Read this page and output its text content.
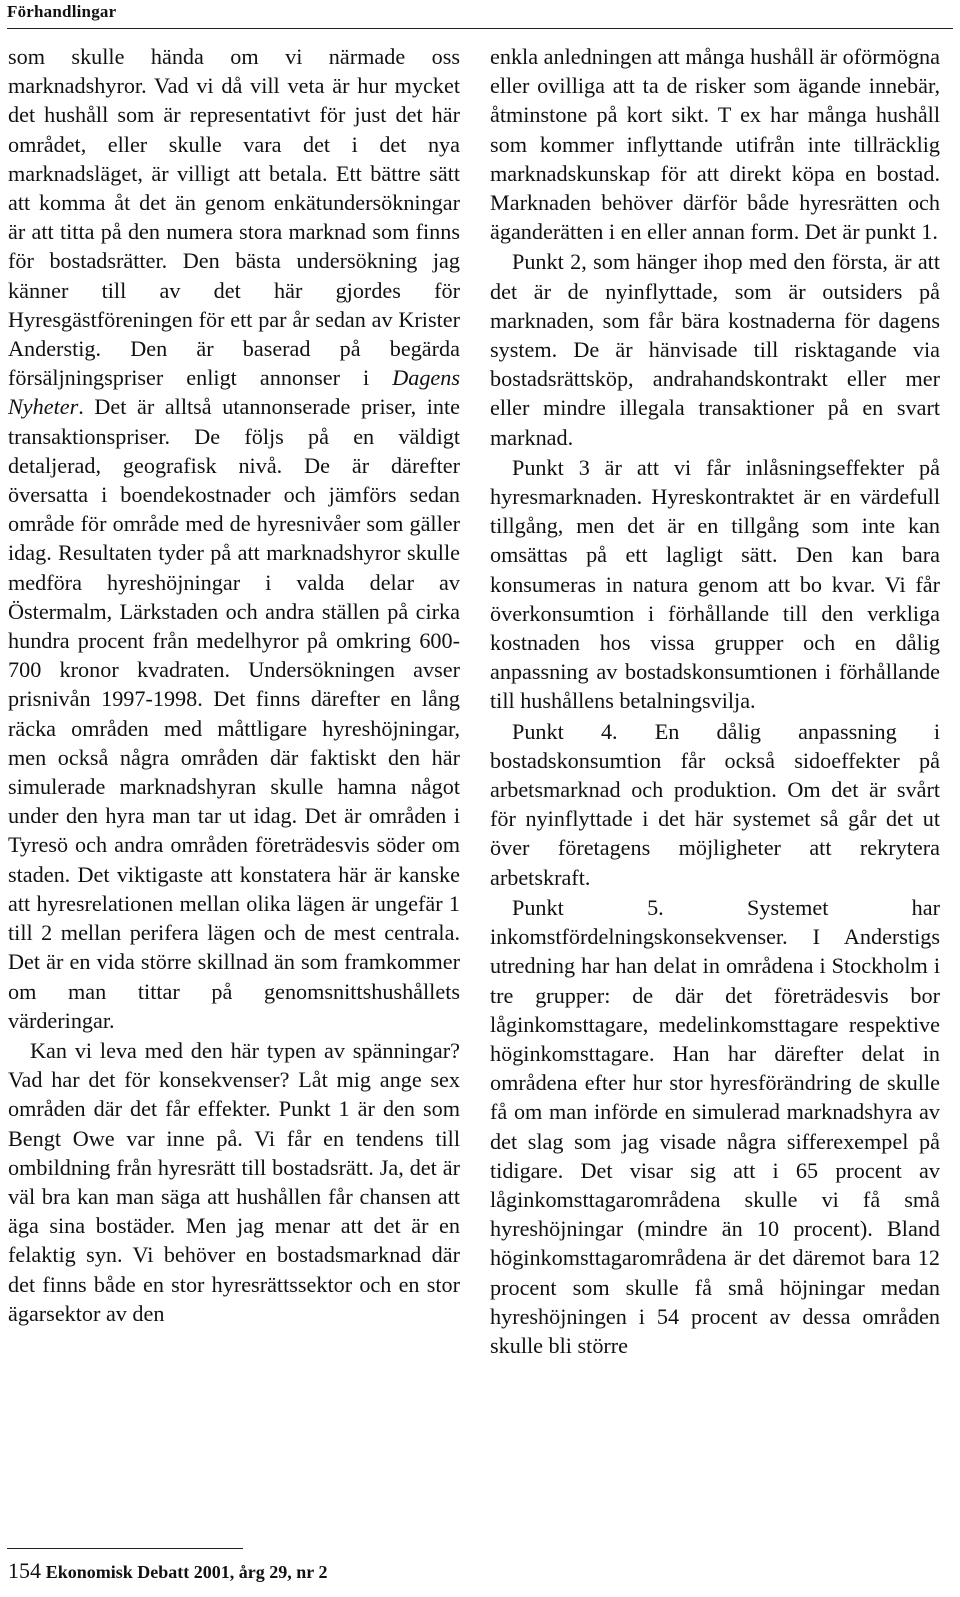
Förhandlingar

som skulle hända om vi närmade oss marknadshyror. Vad vi då vill veta är hur mycket det hushåll som är representativt för just det här området, eller skulle vara det i det nya marknadsläget, är villigt att betala. Ett bättre sätt att komma åt det än genom enkätundersökningar är att titta på den numera stora marknad som finns för bostadsrätter. Den bästa undersökning jag känner till av det här gjordes för Hyresgästföreningen för ett par år sedan av Krister Anderstig. Den är baserad på begärda försäljningspriser enligt annonser i Dagens Nyheter. Det är alltså utannonserade priser, inte transaktionspriser. De följs på en väldigt detaljerad, geografisk nivå. De är därefter översatta i boendekostnader och jämförs sedan område för område med de hyresnivåer som gäller idag. Resultaten tyder på att marknadshyror skulle medföra hyreshöjningar i valda delar av Östermalm, Lärkstaden och andra ställen på cirka hundra procent från medelhyror på omkring 600-700 kronor kvadraten. Undersökningen avser prisnivån 1997-1998. Det finns därefter en lång räcka områden med måttligare hyreshöjningar, men också några områden där faktiskt den här simulerade marknadshyran skulle hamna något under den hyra man tar ut idag. Det är områden i Tyresö och andra områden företrädesvis söder om staden. Det viktigaste att konstatera här är kanske att hyresrelationen mellan olika lägen är ungefär 1 till 2 mellan perifera lägen och de mest centrala. Det är en vida större skillnad än som framkommer om man tittar på genomsnittshushållets värderingar.

Kan vi leva med den här typen av spänningar? Vad har det för konsekvenser? Låt mig ange sex områden där det får effekter. Punkt 1 är den som Bengt Owe var inne på. Vi får en tendens till ombildning från hyresrätt till bostadsrätt. Ja, det är väl bra kan man säga att hushållen får chansen att äga sina bostäder. Men jag menar att det är en felaktig syn. Vi behöver en bostadsmarknad där det finns både en stor hyresrättssektor och en stor ägarsektor av den

enkla anledningen att många hushåll är oförmögna eller ovilliga att ta de risker som ägande innebär, åtminstone på kort sikt. T ex har många hushåll som kommer inflyttande utifrån inte tillräcklig marknadskunskap för att direkt köpa en bostad. Marknaden behöver därför både hyresrätten och äganderätten i en eller annan form. Det är punkt 1.

Punkt 2, som hänger ihop med den första, är att det är de nyinflyttade, som är outsiders på marknaden, som får bära kostnaderna för dagens system. De är hänvisade till risktagande via bostadsrättsköp, andrahandskontrakt eller mer eller mindre illegala transaktioner på en svart marknad.

Punkt 3 är att vi får inlåsningseffekter på hyresmarknaden. Hyreskontraktet är en värdefull tillgång, men det är en tillgång som inte kan omsättas på ett lagligt sätt. Den kan bara konsumeras in natura genom att bo kvar. Vi får överkonsumtion i förhållande till den verkliga kostnaden hos vissa grupper och en dålig anpassning av bostadskonsumtionen i förhållande till hushållens betalningsvilja.

Punkt 4. En dålig anpassning i bostadskonsumtion får också sidoeffekter på arbetsmarknad och produktion. Om det är svårt för nyinflyttade i det här systemet så går det ut över företagens möjligheter att rekrytera arbetskraft.

Punkt 5. Systemet har inkomstfördelningskonsekvenser. I Anderstigs utredning har han delat in områdena i Stockholm i tre grupper: de där det företrädesvis bor låginkomsttagare, medelinkomsttagare respektive höginkomsttagare. Han har därefter delat in områdena efter hur stor hyresförändring de skulle få om man införde en simulerad marknadshyra av det slag som jag visade några sifferexempel på tidigare. Det visar sig att i 65 procent av låginkomsttagarområdena skulle vi få små hyreshöjningar (mindre än 10 procent). Bland höginkomsttagarområdena är det däremot bara 12 procent som skulle få små höjningar medan hyreshöjningen i 54 procent av dessa områden skulle bli större

154 Ekonomisk Debatt 2001, årg 29, nr 2
